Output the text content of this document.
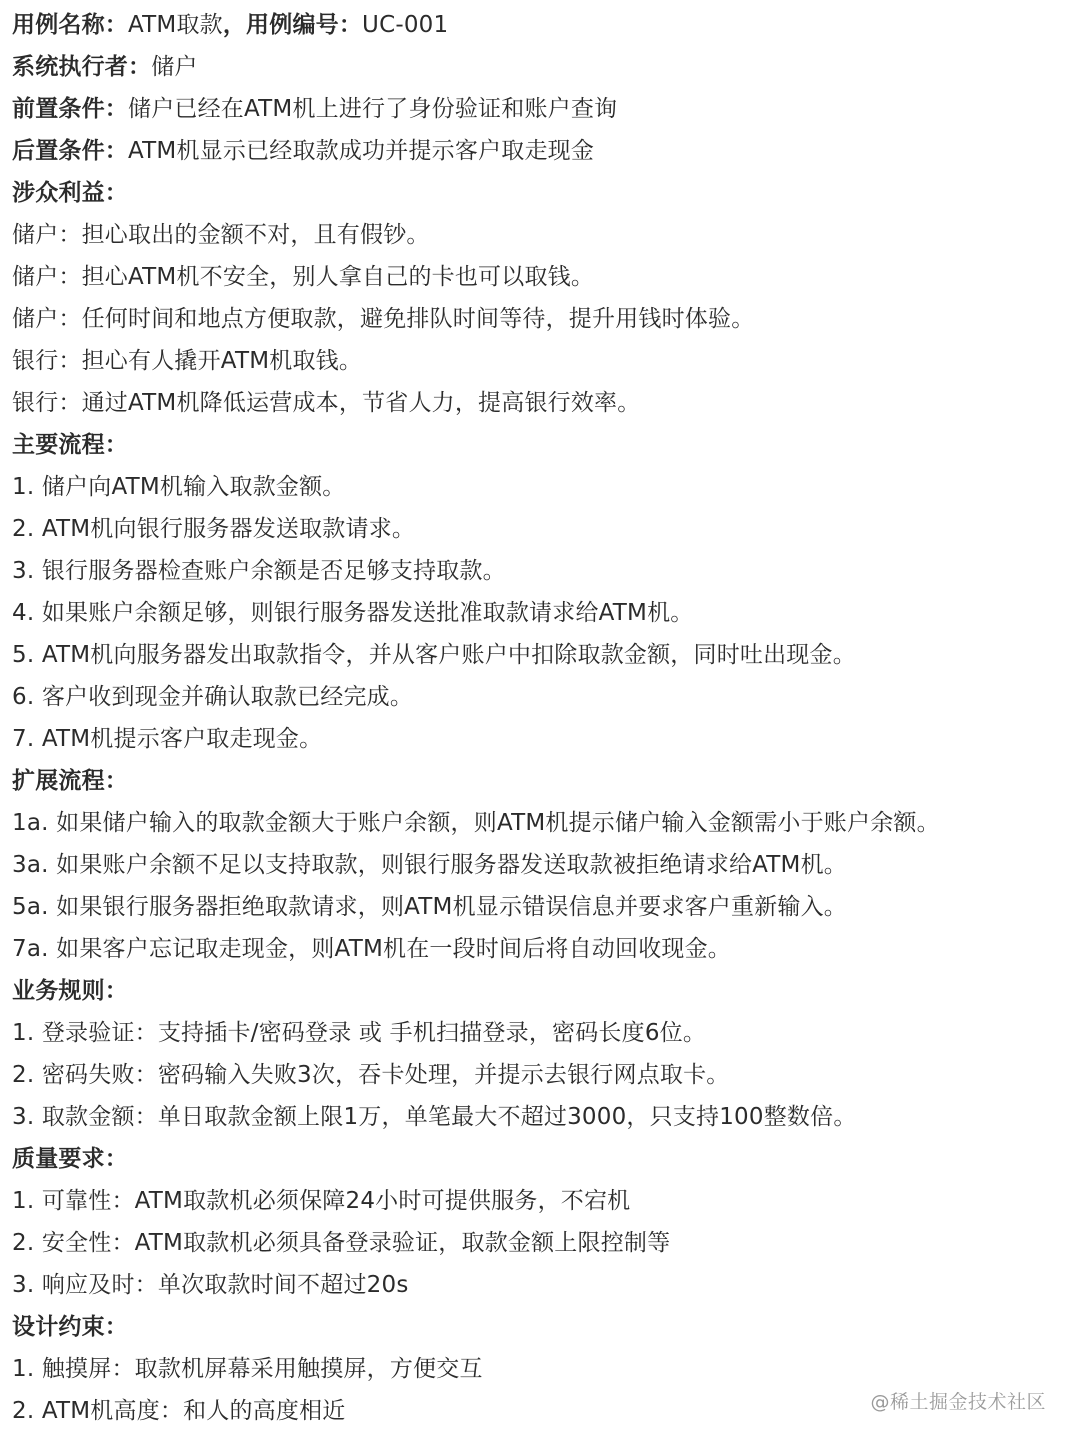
用例名称：ATM取款，用例编号：UC-001
系统执行者：储户
前置条件：储户已经在ATM机上进行了身份验证和账户查询
后置条件：ATM机显示已经取款成功并提示客户取走现金
涉众利益：
储户：担心取出的金额不对，且有假钞。
储户：担心ATM机不安全，别人拿自己的卡也可以取钱。
储户：任何时间和地点方便取款，避免排队时间等待，提升用钱时体验。
银行：担心有人撬开ATM机取钱。
银行：通过ATM机降低运营成本，节省人力，提高银行效率。
主要流程：
1. 储户向ATM机输入取款金额。
2. ATM机向银行服务器发送取款请求。
3. 银行服务器检查账户余额是否足够支持取款。
4. 如果账户余额足够，则银行服务器发送批准取款请求给ATM机。
5. ATM机向服务器发出取款指令，并从客户账户中扣除取款金额，同时吐出现金。
6. 客户收到现金并确认取款已经完成。
7. ATM机提示客户取走现金。
扩展流程：
1a. 如果储户输入的取款金额大于账户余额，则ATM机提示储户输入金额需小于账户余额。
3a. 如果账户余额不足以支持取款，则银行服务器发送取款被拒绝请求给ATM机。
5a. 如果银行服务器拒绝取款请求，则ATM机显示错误信息并要求客户重新输入。
7a. 如果客户忘记取走现金，则ATM机在一段时间后将自动回收现金。
业务规则：
1. 登录验证：支持插卡/密码登录 或 手机扫描登录，密码长度6位。
2. 密码失败：密码输入失败3次，吞卡处理，并提示去银行网点取卡。
3. 取款金额：单日取款金额上限1万，单笔最大不超过3000，只支持100整数倍。
质量要求：
1. 可靠性：ATM取款机必须保障24小时可提供服务，不宕机
2. 安全性：ATM取款机必须具备登录验证，取款金额上限控制等
3. 响应及时：单次取款时间不超过20s
设计约束：
1. 触摸屏：取款机屏幕采用触摸屏，方便交互
2. ATM机高度：和人的高度相近	@稀土掘金技术社区
